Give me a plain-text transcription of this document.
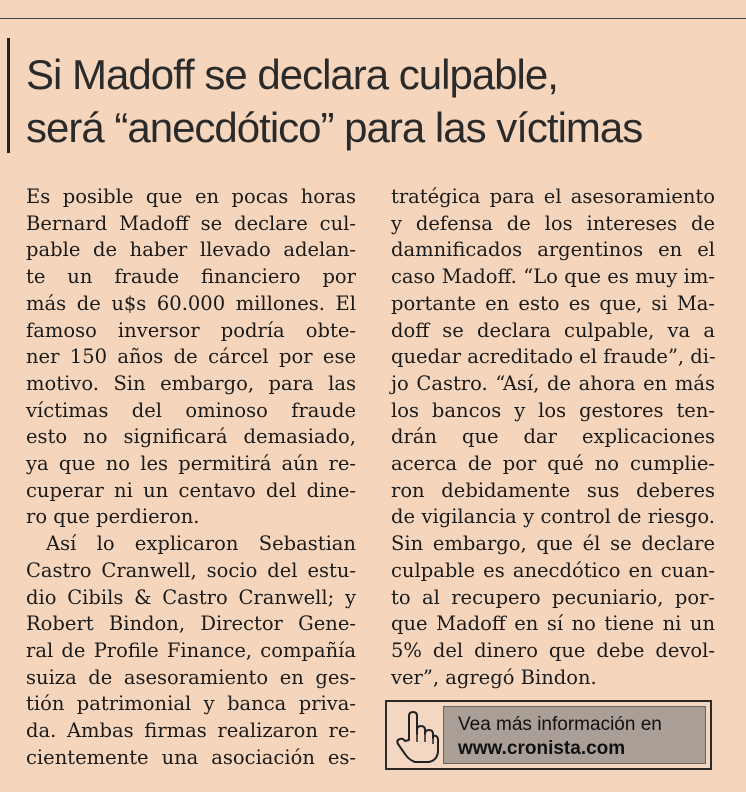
Si Madoff se declara culpable,
será “anecdótico” para las víctimas
Es posible que en pocas horas
Bernard Madoff se declare cul-
pable de haber llevado adelan-
te un fraude financiero por
más de u$s 60.000 millones. El
famoso inversor podría obte-
ner 150 años de cárcel por ese
motivo. Sin embargo, para las
víctimas del ominoso fraude
esto no significará demasiado,
ya que no les permitirá aún re-
cuperar ni un centavo del dine-
ro que perdieron.
Así lo explicaron Sebastian
Castro Cranwell, socio del estu-
dio Cibils & Castro Cranwell; y
Robert Bindon, Director Gene-
ral de Profile Finance, compañía
suiza de asesoramiento en ges-
tión patrimonial y banca priva-
da. Ambas firmas realizaron re-
cientemente una asociación es-
tratégica para el asesoramiento
y defensa de los intereses de
damnificados argentinos en el
caso Madoff. “Lo que es muy im-
portante en esto es que, si Ma-
doff se declara culpable, va a
quedar acreditado el fraude”, di-
jo Castro. “Así, de ahora en más
los bancos y los gestores ten-
drán que dar explicaciones
acerca de por qué no cumplie-
ron debidamente sus deberes
de vigilancia y control de riesgo.
Sin embargo, que él se declare
culpable es anecdótico en cuan-
to al recupero pecuniario, por-
que Madoff en sí no tiene ni un
5% del dinero que debe devol-
ver”, agregó Bindon.
Vea más información en
www.cronista.com
